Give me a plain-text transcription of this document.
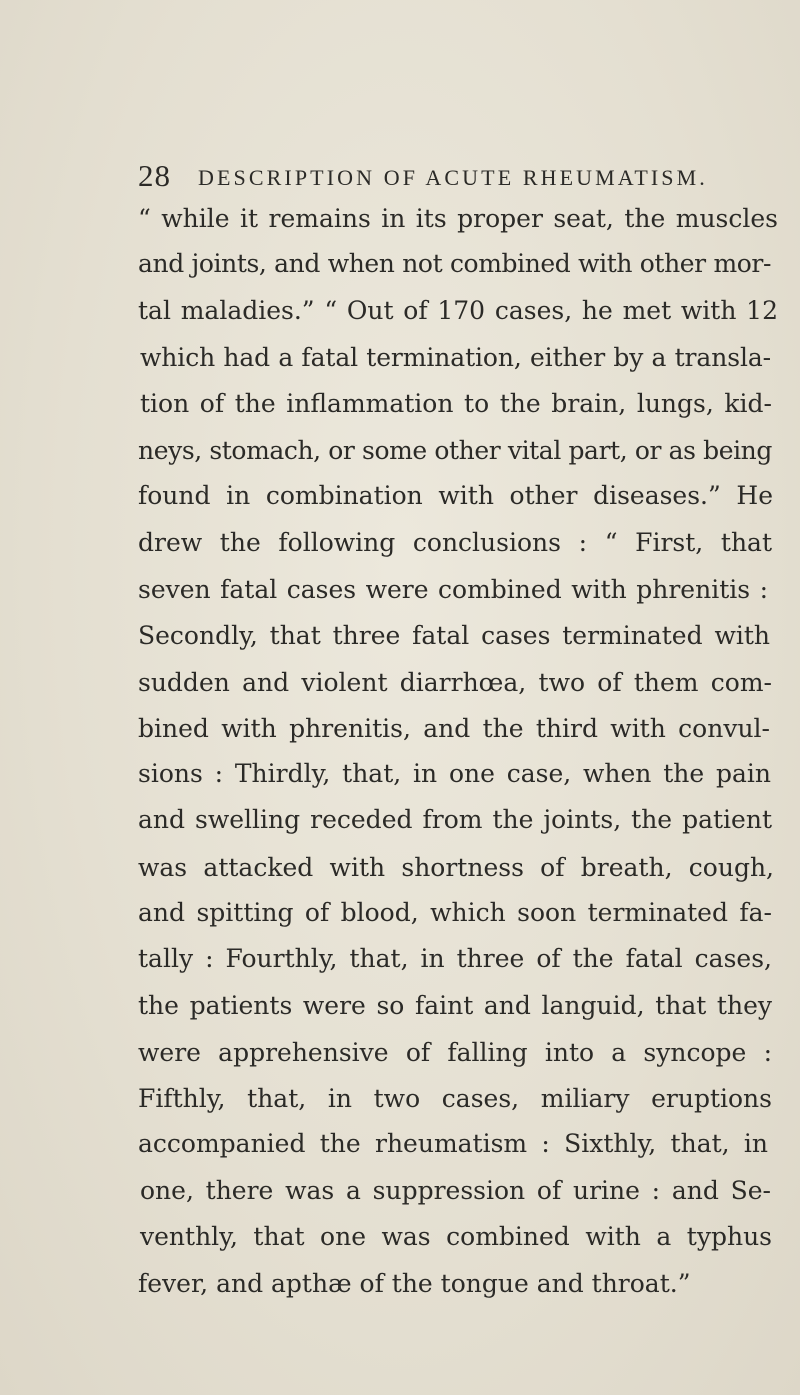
28 DESCRIPTION OF ACUTE RHEUMATISM.
“ while it remains in its proper seat, the muscles
and joints, and when not combined with other mor-
tal maladies.” “ Out of 170 cases, he met with 12
which had a fatal termination, either by a transla-
tion of the inflammation to the brain, lungs, kid-
neys, stomach, or some other vital part, or as being
found in combination with other diseases.” He
drew the following conclusions : “ First, that
seven fatal cases were combined with phrenitis :
Secondly, that three fatal cases terminated with
sudden and violent diarrhœa, two of them com-
bined with phrenitis, and the third with convul-
sions : Thirdly, that, in one case, when the pain
and swelling receded from the joints, the patient
was attacked with shortness of breath, cough,
and spitting of blood, which soon terminated fa-
tally : Fourthly, that, in three of the fatal cases,
the patients were so faint and languid, that they
were apprehensive of falling into a syncope :
Fifthly, that, in two cases, miliary eruptions
accompanied the rheumatism : Sixthly, that, in
one, there was a suppression of urine : and Se-
venthly, that one was combined with a typhus
fever, and apthæ of the tongue and throat.”
